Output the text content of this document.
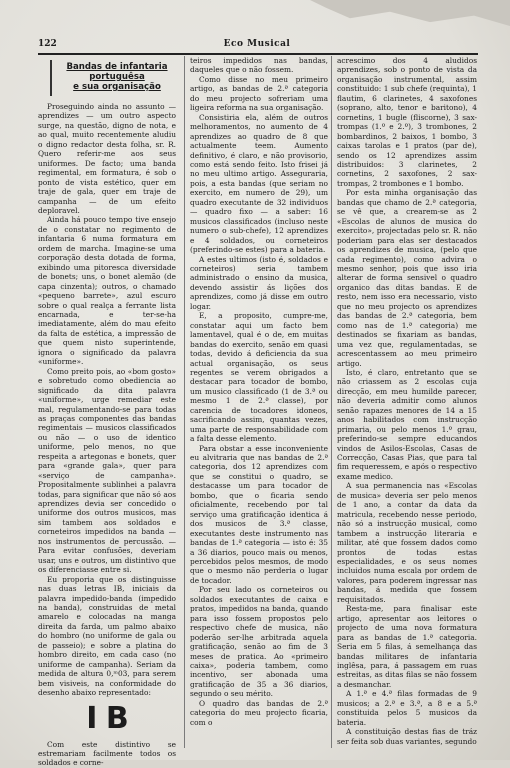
122	Eco Musical
Bandas de infantaria portuguêsa
e sua organisação

Proseguindo ainda no assunto — aprendizes — um outro aspecto surge, na questão, digno de nota, e ao qual, muito recentemente aludiu o digno redactor desta folha, sr. R. Quero referir-me aos seus uniformes. De facto; uma banda regimental, em formatura, é sob o ponto de vista estético, quer em traje de gala, quer em traje de campanha — de um efeito deploravel.

Ainda há pouco tempo tive ensejo de o constatar no regimento de infantaria 6 numa formatura em ordem de marcha. Imagine-se uma corporação desta dotada de forma, exibindo uma pitoresca diversidade de bonets; uns, o bonet alemão (de capa cinzenta); outros, o chamado «pequeno barrete», azul escuro sobre o qual realça a ferrante lista encarnada, e ter-se-ha imediatamente, além do mau efeito da falta de estética, a impressão de que quem nisto superintende, ignora o significado da palavra «uniforme».

Como preito pois, ao «bom gosto» e sobretudo como obediencia ao significado da dita palavra «uniforme», urge remediar este mal, regulamentando-se para todas as praças componentes das bandas regimentais — musicos classificados ou não — o uso de identico uniforme, pelo menos, no que respeita a artegonas e bonets, quer para «grande gala», quer para «serviço de campanha». Propositalmente sublinhei a palavra todas, para significar que não só aos aprendizes devia ser concedido o uniforme dos outros musicos, mas sim tambem aos soldados e corneteiros impedidos na banda — nos instrumentos de percussão. — Para evitar confusões, deveriam usar, uns e outros, um distintivo que os diferenciasse entre si.

Eu proporia que os distinguisse nas duas letras IB, iniciais da palavra impedido-banda (impedido na banda), construidas de metal amarelo e colocadas na manga direita da farda, um palmo abaixo do hombro (no uniforme de gala ou de passeio); e sobre a platina do hombro direito, em cada caso (no uniforme de campanha). Seriam da medida de altura 0,ᵐ03, para serem bem visiveis, na conformidade do desenho abaixo representado:

I B

Com este distintivo se estremariam facilmente todos os soldados e corne-

teiros impedidos nas bandas, daqueles que o não fossem.

Como disse no meu primeiro artigo, as bandas de 2.ª categoria do meu projecto sofreriam uma ligeira reforma na sua organisação.

Consistiria ela, além de outros melhoramentos, no aumento de 4 aprendizes ao quadro de 8 que actualmente teem. Aumento definitivo, é claro, e não provisorio, como está sendo feito. Isto frisei já no meu ultimo artigo. Asseguraria, pois, a esta bandas (que seriam no exercito, em numero de 29), um quadro executante de 32 individuos — quadro fixo — a saber: 16 musicos classificados (incluso neste numero o sub-chefe), 12 aprendizes e 4 soldados, ou corneteiros (preferindo-se estes) para a bateria.

A estes ultimos (isto é, soldados e corneteiros) seria tambem administrado o ensino da musica, devendo assistir ás lições dos aprendizes, como já disse em outro logar.

E, a proposito, cumpre-me, constatar aqui um facto bem lamentavel, qual é o de, em muitas bandas do exercito, senão em quasi todas, devido á deficiencia da sua actual organisação, os seus regentes se verem obrigados a destacar para tocador de bombo, um musico classificado (1 de 3.ª ou mesmo 1 de 2.ª classe), por carencia de tocadores idoneos, sacrificando assim, quantas vezes, uma parte de responsabilidade com a falta desse elemento.

Para obstar a esse inconveniente eu alvitraria que nas bandas de 2.ª categoria, dos 12 aprendizes com que se constitui o quadro, se destacasse um para tocador de bombo, que o ficaria sendo oficialmente, recebendo por tal serviço uma gratificação identica á dos musicos de 3.ª classe, executantes deste instrumento nas bandas de 1.ª categoria — isto é: 35 a 36 diarios, pouco mais ou menos, percebidos pelos mesmos, de modo que o mesmo não perderia o lugar de tocador.

Por seu lado os corneteiros ou soldados executantes de caixa e pratos, impedidos na banda, quando para isso fossem propostos pelo respectivo chefe de musica, não poderão ser-lhe arbitrada aquela gratificação, senão ao fim de 3 meses de pratica. Ao «primeiro caixa», poderia tambem, como incentivo, ser abonada uma gratificação de 35 a 36 diarios, segundo o seu mérito.

O quadro das bandas de 2.ª categoria do meu projecto ficaria, com o

acrescimo dos 4 aludidos aprendizes, sob o ponto de vista da organisação instrumental, assim constituido: 1 sub chefe (requinta), 1 flautim, 6 clarinetes, 4 saxofones (soprano, alto, tenor e baritono), 4 cornetins, 1 bugle (fliscorne), 3 sax-trompas (1.º e 2.º), 3 trombones, 2 bombardinos, 2 baixos, 1 bombo, 3 caixas tarolas e 1 pratos (par de), sendo os 12 aprendizes assim distribuidos: 3 clarinetes, 2 cornetins, 2 saxofones, 2 sax-trompas, 2 trombones e 1 bombo.

Por esta minha organisação das bandas que chamo de 2.ª categoria, se vê que, a crearem-se as 2 «Escolas de alunos de musica do exercito», projectadas pelo sr. R. não poderiam para elas ser destacados os aprendizes de musica, (pelo que cada regimento), como advira o mesmo senhor, pois que isso iria alterar de forma sensivel o quadro organico das ditas bandas. E de resto, nem isso era necessario, visto que no meu projecto os aprendizes das bandas de 2.ª categoria, bem como nas de 1.ª categoria) me destinados se fixariam as bandas, uma vez que, regulamentadas, se acrescentassem ao meu primeiro artigo.

Isto, é claro, entretanto que se não criassem as 2 escolas cuja direcção, em meu humilde parecer, não deveria admitir como alunos senão rapazes menores de 14 a 15 anos habilitados com instrucção primaria, ou pelo menos 1.º grau, preferindo-se sempre educandos vindos de Asilos-Escolas, Casas de Correcção, Casas Pias, que para tal fim requeressem, e após o respectivo exame medico.

A sua permanencia nas «Escolas de musica» deveria ser pelo menos de 1 ano, a contar da data da matricula, recebendo nesse periodo, não só a instrucção musical, como tambem a instrucção literaria e militar, até que fossem dados como prontos de todas estas especialidades, e os seus nomes incluidos numa escala por ordem de valores, para poderem ingressar nas bandas, á medida que fossem requisitados.

Resta-me, para finalisar este artigo, apresentar aos leitores o projecto de uma nova formatura para as bandas de 1.ª categoria. Seria em 5 filas, á semelhança das bandas militares de infantaria inglêsa, para, á passagem em ruas estreitas, as ditas filas se não fossem a desmanchar.

A 1.ª e 4.ª filas formadas de 9 musicos; a 2.ª e 3.ª, a 8 e a 5.ª constituida pelos 5 musicos da bateria.

A constituição destas fias de tráz ser feita sob duas variantes, segundo
